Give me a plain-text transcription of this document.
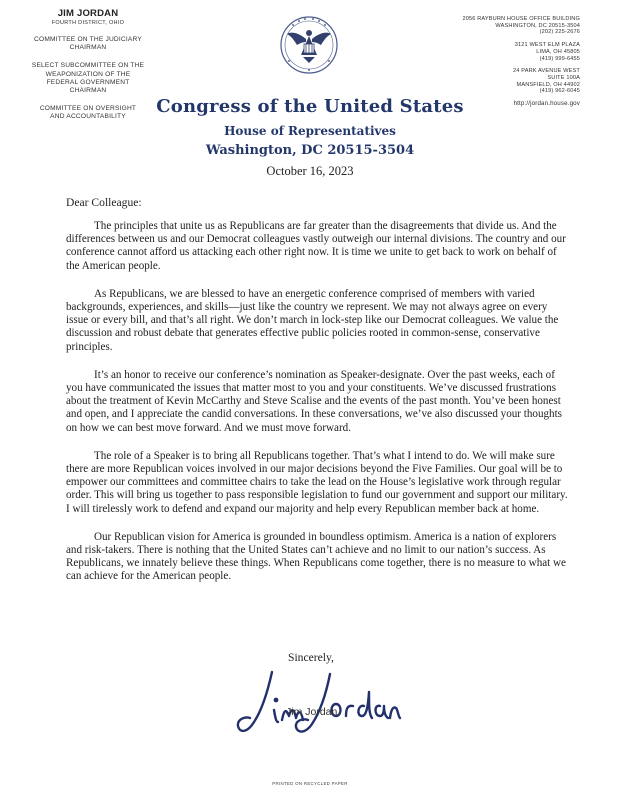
JIM JORDAN
FOURTH DISTRICT, OHIO
COMMITTEE ON THE JUDICIARY
CHAIRMAN
SELECT SUBCOMMITTEE ON THE
WEAPONIZATION OF THE
FEDERAL GOVERNMENT
CHAIRMAN
COMMITTEE ON OVERSIGHT
AND ACCOUNTABILITY
2056 RAYBURN HOUSE OFFICE BUILDING
WASHINGTON, DC 20515-3504
(202) 225-2676
3121 WEST ELM PLAZA
LIMA, OH 45805
(419) 999-6455
24 PARK AVENUE WEST
SUITE 100A
MANSFIELD, OH 44902
(419) 962-6045
http://jordan.house.gov
Congress of the United States
House of Representatives
Washington, DC 20515-3504
October 16, 2023
Dear Colleague:

The principles that unite us as Republicans are far greater than the disagreements that divide us. And the differences between us and our Democrat colleagues vastly outweigh our internal divisions. The country and our conference cannot afford us attacking each other right now. It is time we unite to get back to work on behalf of the American people.

As Republicans, we are blessed to have an energetic conference comprised of members with varied backgrounds, experiences, and skills—just like the country we represent. We may not always agree on every issue or every bill, and that’s all right. We don’t march in lock-step like our Democrat colleagues. We value the discussion and robust debate that generates effective public policies rooted in common-sense, conservative principles.

It’s an honor to receive our conference’s nomination as Speaker-designate. Over the past weeks, each of you have communicated the issues that matter most to you and your constituents. We’ve discussed frustrations about the treatment of Kevin McCarthy and Steve Scalise and the events of the past month. You’ve been honest and open, and I appreciate the candid conversations. In these conversations, we’ve also discussed your thoughts on how we can best move forward. And we must move forward.

The role of a Speaker is to bring all Republicans together. That’s what I intend to do. We will make sure there are more Republican voices involved in our major decisions beyond the Five Families. Our goal will be to empower our committees and committee chairs to take the lead on the House’s legislative work through regular order. This will bring us together to pass responsible legislation to fund our government and support our military. I will tirelessly work to defend and expand our majority and help every Republican member back at home.

Our Republican vision for America is grounded in boundless optimism. America is a nation of explorers and risk-takers. There is nothing that the United States can’t achieve and no limit to our nation’s success. As Republicans, we innately believe these things. When Republicans come together, there is no measure to what we can achieve for the American people.

Sincerely,
Jim Jordan
PRINTED ON RECYCLED PAPER
